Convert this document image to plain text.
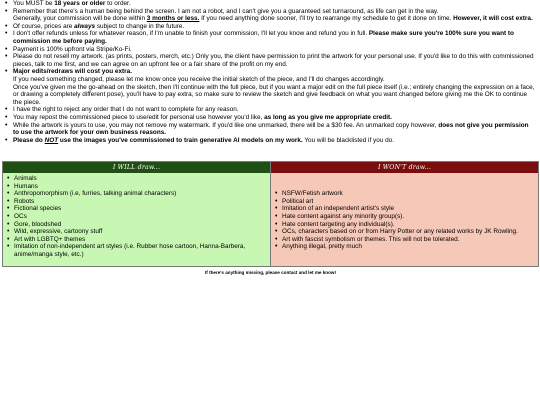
• You MUST be 18 years or older to order.
• Remember that there's a human being behind the screen. I am not a robot, and I can't give you a guaranteed set turnaround, as life can get in the way.
Generally, your commission will be done within 3 months or less. If you need anything done sooner, I'll try to rearrange my schedule to get it done on time. However, it will cost extra.
• Of course, prices are always subject to change in the future.
• I don't offer refunds unless for whatever reason, if I'm unable to finish your commission, I'll let you know and refund you in full. Please make sure you're 100% sure you want to commission me before paying.
• Payment is 100% upfront via Stripe/Ko-Fi.
• Please do not resell my artwork. (as prints, posters, merch, etc.) Only you, the client have permission to print the artwork for your personal use. If you'd like to do this with commissioned pieces, talk to me first, and we can agree on an upfront fee or a fair share of the profit on my end.
• Major edits/redraws will cost you extra.
If you need something changed, please let me know once you receive the initial sketch of the piece, and I'll do changes accordingly.
Once you've given me the go-ahead on the sketch, then I'll continue with the full piece, but if you want a major edit on the full piece itself (i.e.; entirely changing the expression on a face, or drawing a completely different pose), you'll have to pay extra, so make sure to review the sketch and give feedback on what you want changed before giving me the OK to continue the piece.
• I have the right to reject any order that I do not want to complete for any reason.
• You may repost the commissioned piece to use/edit for personal use however you'd like, as long as you give me appropriate credit.
• While the artwork is yours to use, you may not remove my watermark. If you'd like one unmarked, there will be a $30 fee. An unmarked copy however, does not give you permission to use the artwork for your own business reasons.
• Please do NOT use the images you've commissioned to train generative AI models on my work. You will be blacklisted if you do.
I WILL draw...
• Animals
• Humans
• Anthropomorphism (i.e, furries, talking animal characters)
• Robots
• Fictional species
• OCs
• Gore, bloodshed
• Wild, expressive, cartoony stuff
• Art with LGBTQ+ themes
• Imitation of non-independent art styles (i.e. Rubber hose cartoon, Hanna-Barbera, anime/manga style, etc.)
I WON'T draw...
• NSFW/Fetish artwork
• Political art
• Imitation of an independent artist's style
• Hate content against any minority group(s).
• Hate content targeting any individual(s).
• OCs, characters based on or from Harry Potter or any related works by JK Rowling.
• Art with fascist symbolism or themes. This will not be tolerated.
• Anything illegal, pretty much
If there's anything missing, please contact and let me know!
